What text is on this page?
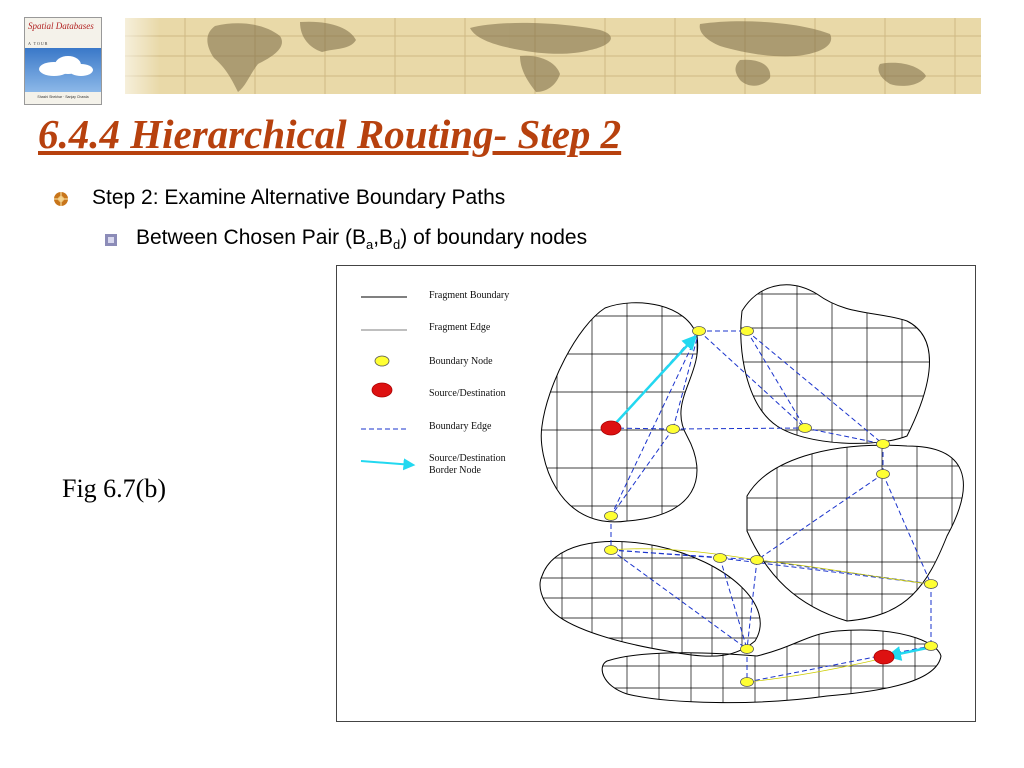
Spatial Databases
A TOUR
Shashi Shekhar · Sanjay Chawla
6.4.4 Hierarchical Routing- Step 2
Step 2: Examine Alternative Boundary Paths
Between Chosen Pair $(B_a,B_d)$ of boundary nodes
Fig 6.7(b)
Fragment Boundary
Fragment Edge
Boundary Node
Source/Destination
Boundary Edge
Source/Destination
Border Node
